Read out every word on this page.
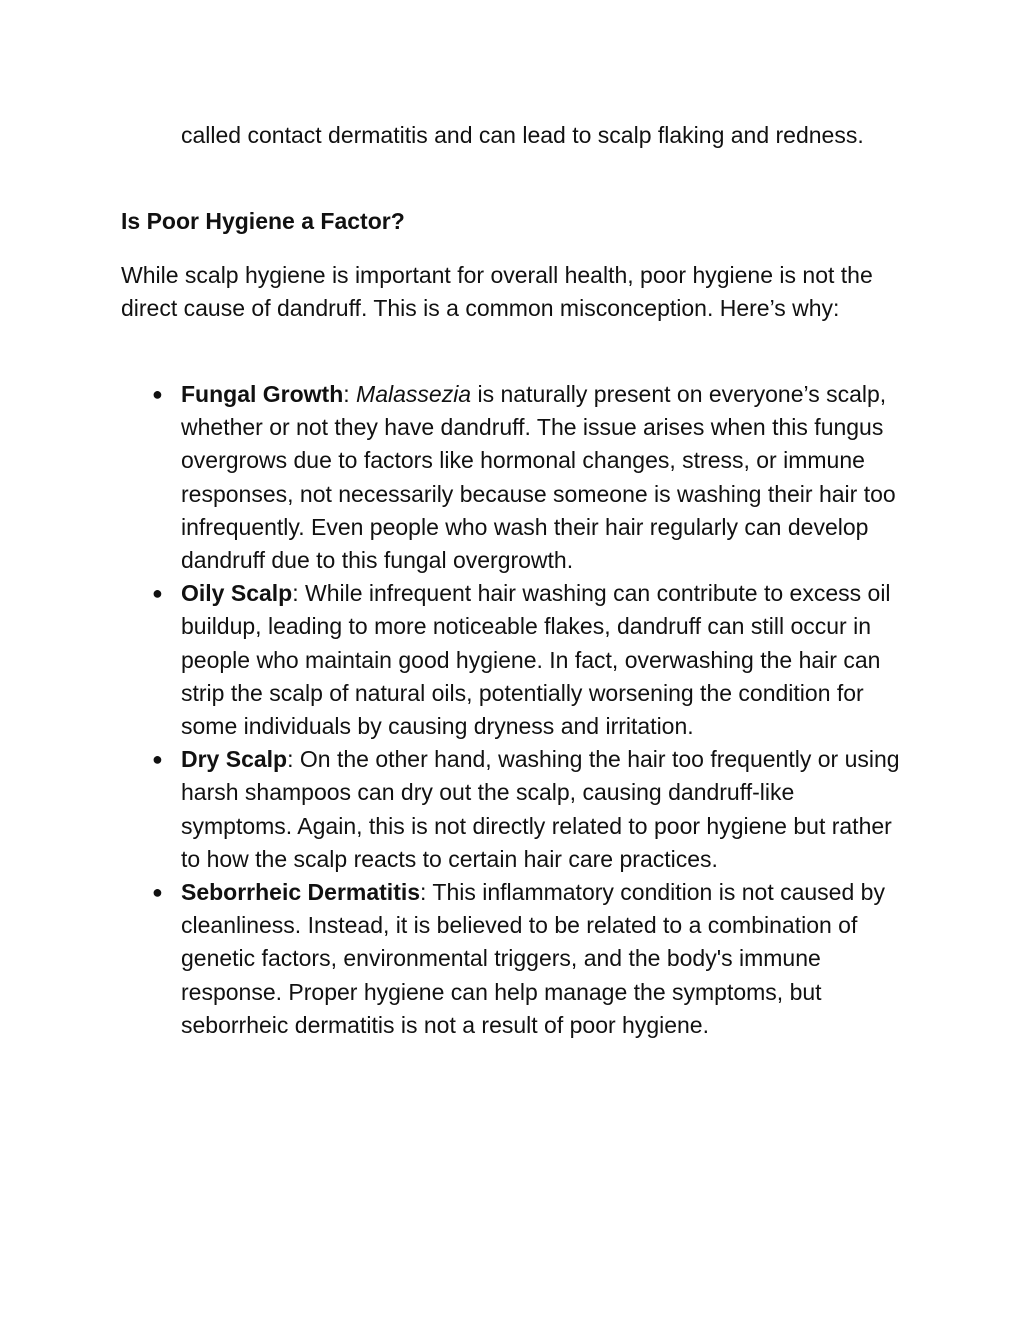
called contact dermatitis and can lead to scalp flaking and redness.

Is Poor Hygiene a Factor?

While scalp hygiene is important for overall health, poor hygiene is not the direct cause of dandruff. This is a common misconception. Here’s why:

● Fungal Growth: Malassezia is naturally present on everyone’s scalp, whether or not they have dandruff. The issue arises when this fungus overgrows due to factors like hormonal changes, stress, or immune responses, not necessarily because someone is washing their hair too infrequently. Even people who wash their hair regularly can develop dandruff due to this fungal overgrowth.
● Oily Scalp: While infrequent hair washing can contribute to excess oil buildup, leading to more noticeable flakes, dandruff can still occur in people who maintain good hygiene. In fact, overwashing the hair can strip the scalp of natural oils, potentially worsening the condition for some individuals by causing dryness and irritation.
● Dry Scalp: On the other hand, washing the hair too frequently or using harsh shampoos can dry out the scalp, causing dandruff-like symptoms. Again, this is not directly related to poor hygiene but rather to how the scalp reacts to certain hair care practices.
● Seborrheic Dermatitis: This inflammatory condition is not caused by cleanliness. Instead, it is believed to be related to a combination of genetic factors, environmental triggers, and the body's immune response. Proper hygiene can help manage the symptoms, but seborrheic dermatitis is not a result of poor hygiene.
